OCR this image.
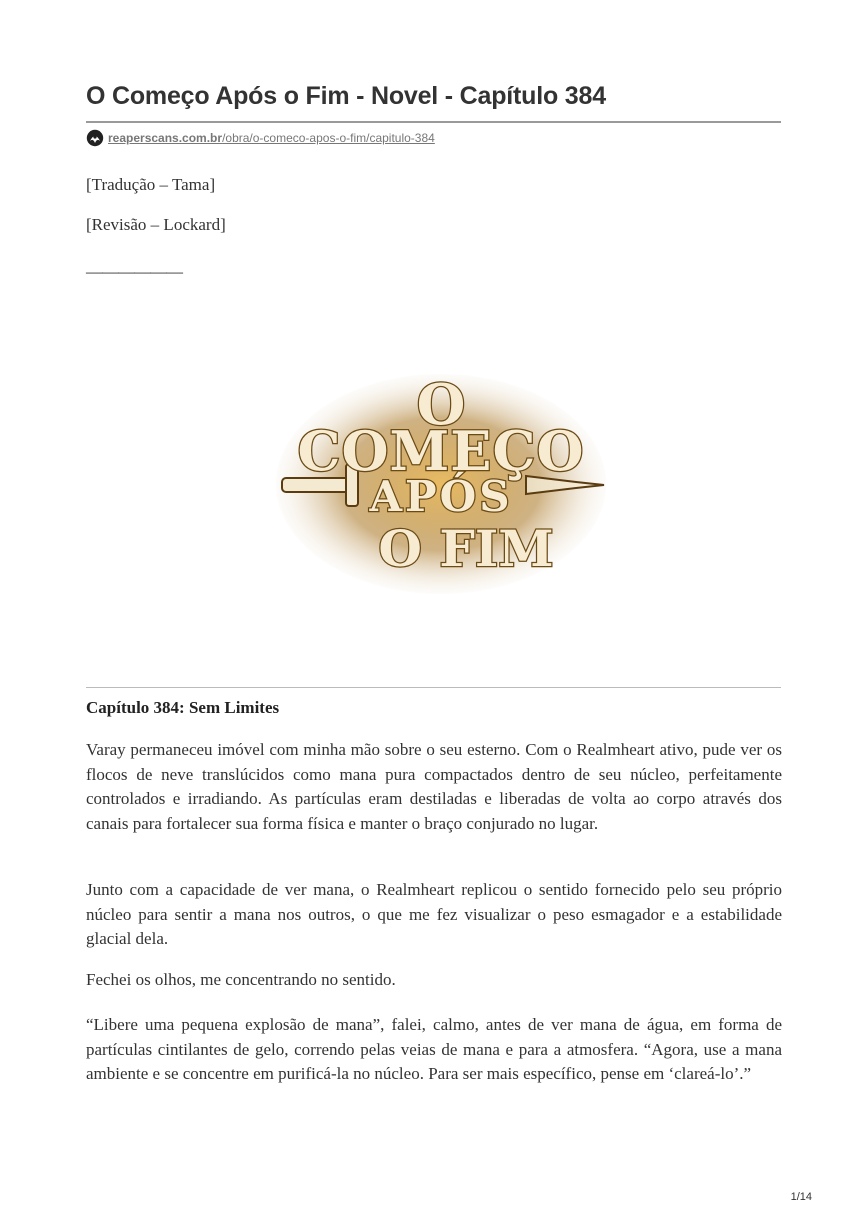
O Começo Após o Fim - Novel - Capítulo 384
reaperscans.com.br/obra/o-comeco-apos-o-fim/capitulo-384

[Tradução – Tama]

[Revisão – Lockard]

——————

O
COMEÇO
APÓS
O FIM
Capítulo 384: Sem Limites

Varay permaneceu imóvel com minha mão sobre o seu esterno. Com o Realmheart ativo, pude ver os flocos de neve translúcidos como mana pura compactados dentro de seu núcleo, perfeitamente controlados e irradiando. As partículas eram destiladas e liberadas de volta ao corpo através dos canais para fortalecer sua forma física e manter o braço conjurado no lugar.

Junto com a capacidade de ver mana, o Realmheart replicou o sentido fornecido pelo seu próprio núcleo para sentir a mana nos outros, o que me fez visualizar o peso esmagador e a estabilidade glacial dela.

Fechei os olhos, me concentrando no sentido.

“Libere uma pequena explosão de mana”, falei, calmo, antes de ver mana de água, em forma de partículas cintilantes de gelo, correndo pelas veias de mana e para a atmosfera. “Agora, use a mana ambiente e se concentre em purificá-la no núcleo. Para ser mais específico, pense em ‘clareá-lo’.”

1/14
